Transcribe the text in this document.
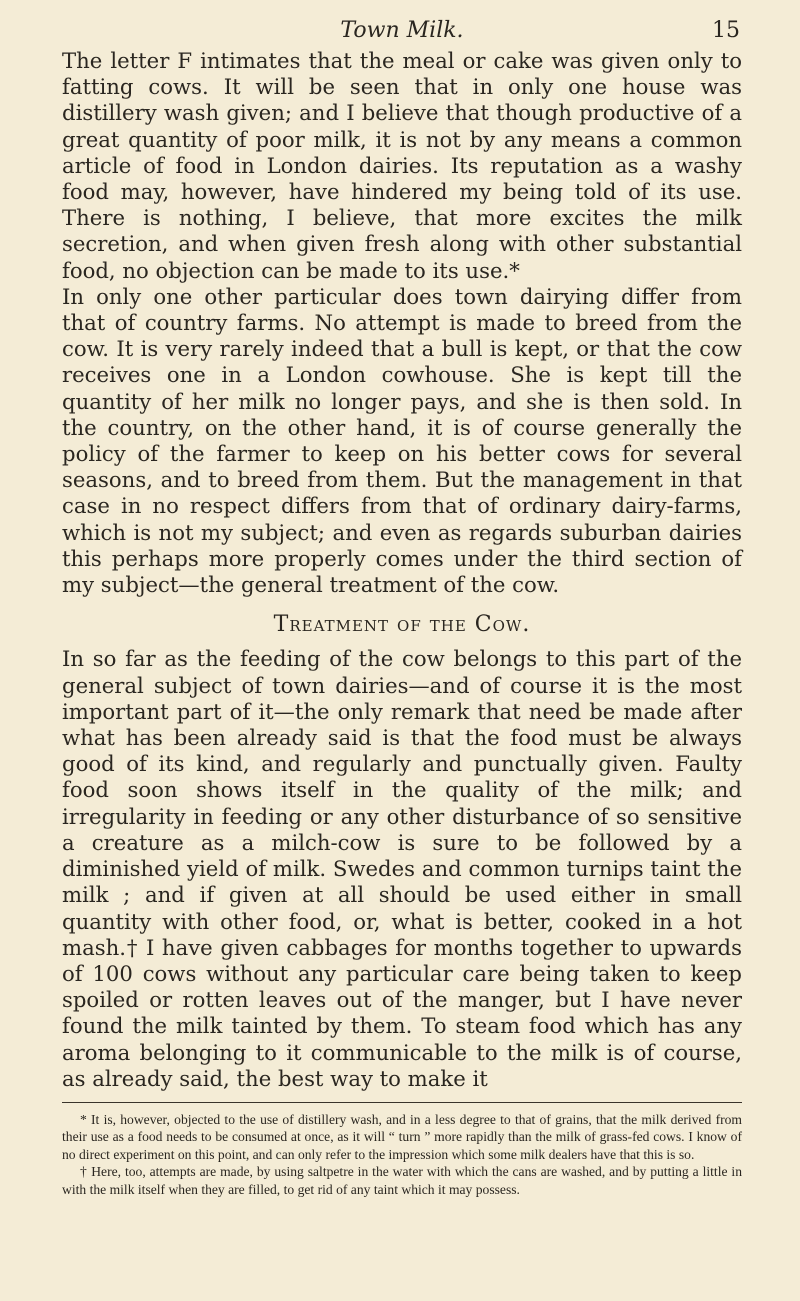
Town Milk.	15

The letter F intimates that the meal or cake was given only to fatting cows. It will be seen that in only one house was distillery wash given; and I believe that though productive of a great quantity of poor milk, it is not by any means a common article of food in London dairies. Its reputation as a washy food may, however, have hindered my being told of its use. There is nothing, I believe, that more excites the milk secretion, and when given fresh along with other substantial food, no objection can be made to its use.*

In only one other particular does town dairying differ from that of country farms. No attempt is made to breed from the cow. It is very rarely indeed that a bull is kept, or that the cow receives one in a London cowhouse. She is kept till the quantity of her milk no longer pays, and she is then sold. In the country, on the other hand, it is of course generally the policy of the farmer to keep on his better cows for several seasons, and to breed from them. But the management in that case in no respect differs from that of ordinary dairy-farms, which is not my subject; and even as regards suburban dairies this perhaps more properly comes under the third section of my subject—the general treatment of the cow.

Treatment of the Cow.

In so far as the feeding of the cow belongs to this part of the general subject of town dairies—and of course it is the most important part of it—the only remark that need be made after what has been already said is that the food must be always good of its kind, and regularly and punctually given. Faulty food soon shows itself in the quality of the milk; and irregularity in feeding or any other disturbance of so sensitive a creature as a milch-cow is sure to be followed by a diminished yield of milk. Swedes and common turnips taint the milk ; and if given at all should be used either in small quantity with other food, or, what is better, cooked in a hot mash.† I have given cabbages for months together to upwards of 100 cows without any particular care being taken to keep spoiled or rotten leaves out of the manger, but I have never found the milk tainted by them. To steam food which has any aroma belonging to it communicable to the milk is of course, as already said, the best way to make it

* It is, however, objected to the use of distillery wash, and in a less degree to that of grains, that the milk derived from their use as a food needs to be consumed at once, as it will “ turn ” more rapidly than the milk of grass-fed cows. I know of no direct experiment on this point, and can only refer to the impression which some milk dealers have that this is so.

† Here, too, attempts are made, by using saltpetre in the water with which the cans are washed, and by putting a little in with the milk itself when they are filled, to get rid of any taint which it may possess.
